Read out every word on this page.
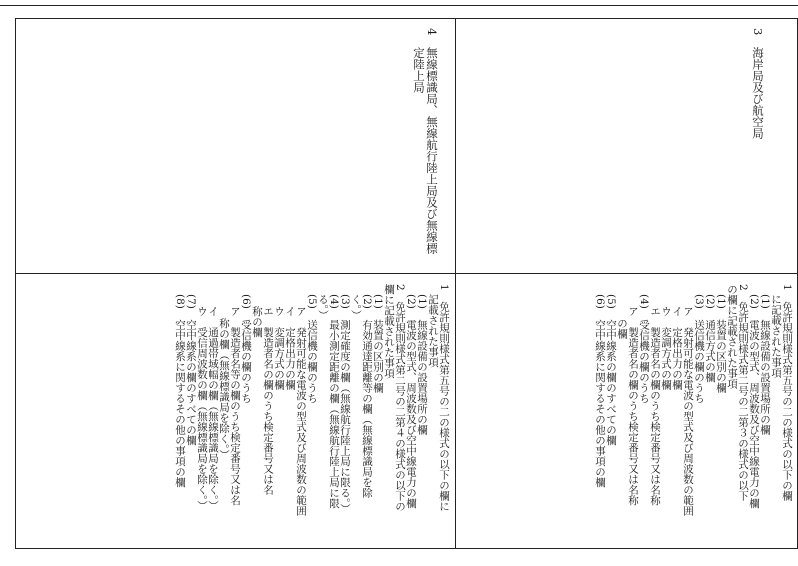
3　海岸局及び航空局
4　無線標識局、無線航行陸上局及び無線標
定陸上局
1　免許規則様式第五号の二の様式の以下の欄
に記載された事項
(1)　無線設備の設置場所の欄
(2)　電波の型式、周波数及び空中線電力の欄
2　免許規則様式第二号の二第３の様式の以下
の欄に記載された事項
(1)　装置の区別の欄
(2)　通信方式の欄
(3)　送信機の欄のうち
ア　発射可能な電波の型式及び周波数の範囲
イ　定格出力の欄
ウ　変調方式の欄
エ　製造者名の欄のうち検定番号又は名称
(4)　受信機の欄のうち
ア　製造者名の欄のうち検定番号又は名称
の欄
(5)　空中線系の欄のすべての欄
(6)　空中線系に関するその他の事項の欄

1　免許規則様式第五号の二の様式の以下の欄に
記載された事項
(1)　無線設備の設置場所の欄
(2)　電波の型式、周波数及び空中線電力の欄
2　免許規則様式第二号の二第４の様式の以下の
欄に記載された事項
(1)　装置の区別の欄
(2)　有効通達距離等の欄（無線標識局を除
く。）
(3)　測定確度の欄（無線航行陸上局に限る。）
(4)　最小測定距離の欄（無線航行陸上局に限
る。）
(5)　送信機の欄のうち
ア　発射可能な電波の型式及び周波数の範囲
イ　定格出力の欄
ウ　変調方式の欄
エ　製造者名の欄のうち検定番号又は名
称の欄
(6)　受信機の欄のうち
ア　製造者名等の欄のうち検定番号又は名
称の欄（無線標識局を除く。）
イ　通過帯域幅の欄（無線標識局を除く。）
ウ　受信周波数の欄（無線標識局を除く。）
(7)　空中線系の欄のすべての欄
(8)　空中線系に関するその他の事項の欄
